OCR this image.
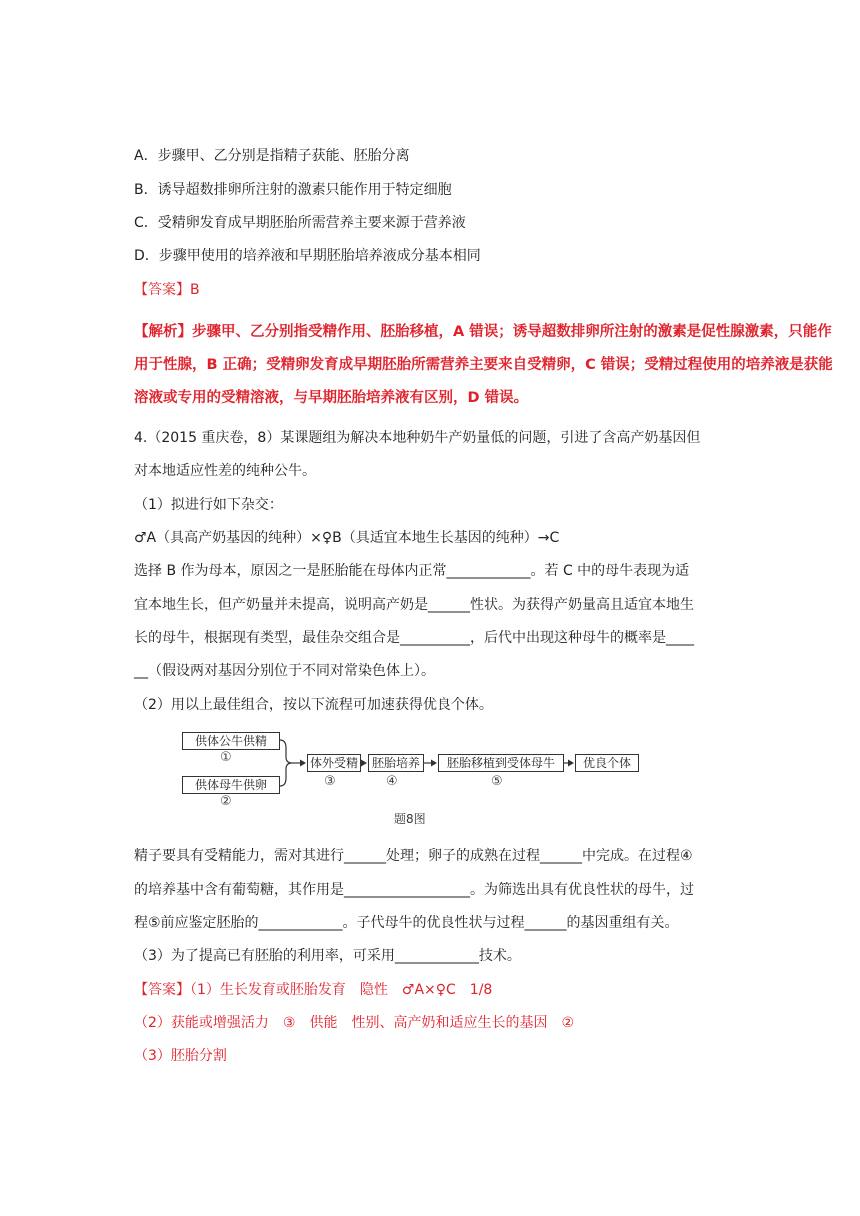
A．步骤甲、乙分别是指精子获能、胚胎分离
B．诱导超数排卵所注射的激素只能作用于特定细胞
C．受精卵发育成早期胚胎所需营养主要来源于营养液
D．步骤甲使用的培养液和早期胚胎培养液成分基本相同
【答案】B
【解析】步骤甲、乙分别指受精作用、胚胎移植，A 错误；诱导超数排卵所注射的激素是促性腺激素，只能作用于性腺，B 正确；受精卵发育成早期胚胎所需营养主要来自受精卵，C 错误；受精过程使用的培养液是获能溶液或专用的受精溶液，与早期胚胎培养液有区别，D 错误。
4.（2015 重庆卷，8）某课题组为解决本地种奶牛产奶量低的问题，引进了含高产奶基因但
对本地适应性差的纯种公牛。
（1）拟进行如下杂交：
♂A（具高产奶基因的纯种）×♀B（具适宜本地生长基因的纯种）→C
选择 B 作为母本，原因之一是胚胎能在母体内正常____________。若 C 中的母牛表现为适
宜本地生长，但产奶量并未提高，说明高产奶是______性状。为获得产奶量高且适宜本地生
长的母牛，根据现有类型，最佳杂交组合是__________，后代中出现这种母牛的概率是____
__（假设两对基因分别位于不同对常染色体上）。
（2）用以上最佳组合，按以下流程可加速获得优良个体。
供体公牛供精
①
供体母牛供卵
②
体外受精
③
胚胎培养
④
胚胎移植到受体母牛
⑤
优良个体
题8图
精子要具有受精能力，需对其进行______处理；卵子的成熟在过程______中完成。在过程④
的培养基中含有葡萄糖，其作用是__________________。为筛选出具有优良性状的母牛，过
程⑤前应鉴定胚胎的____________。子代母牛的优良性状与过程______的基因重组有关。
（3）为了提高已有胚胎的利用率，可采用____________技术。
【答案】（1）生长发育或胚胎发育　隐性　♂A×♀C　1/8
（2）获能或增强活力　③　供能　性别、高产奶和适应生长的基因　②
（3）胚胎分割
